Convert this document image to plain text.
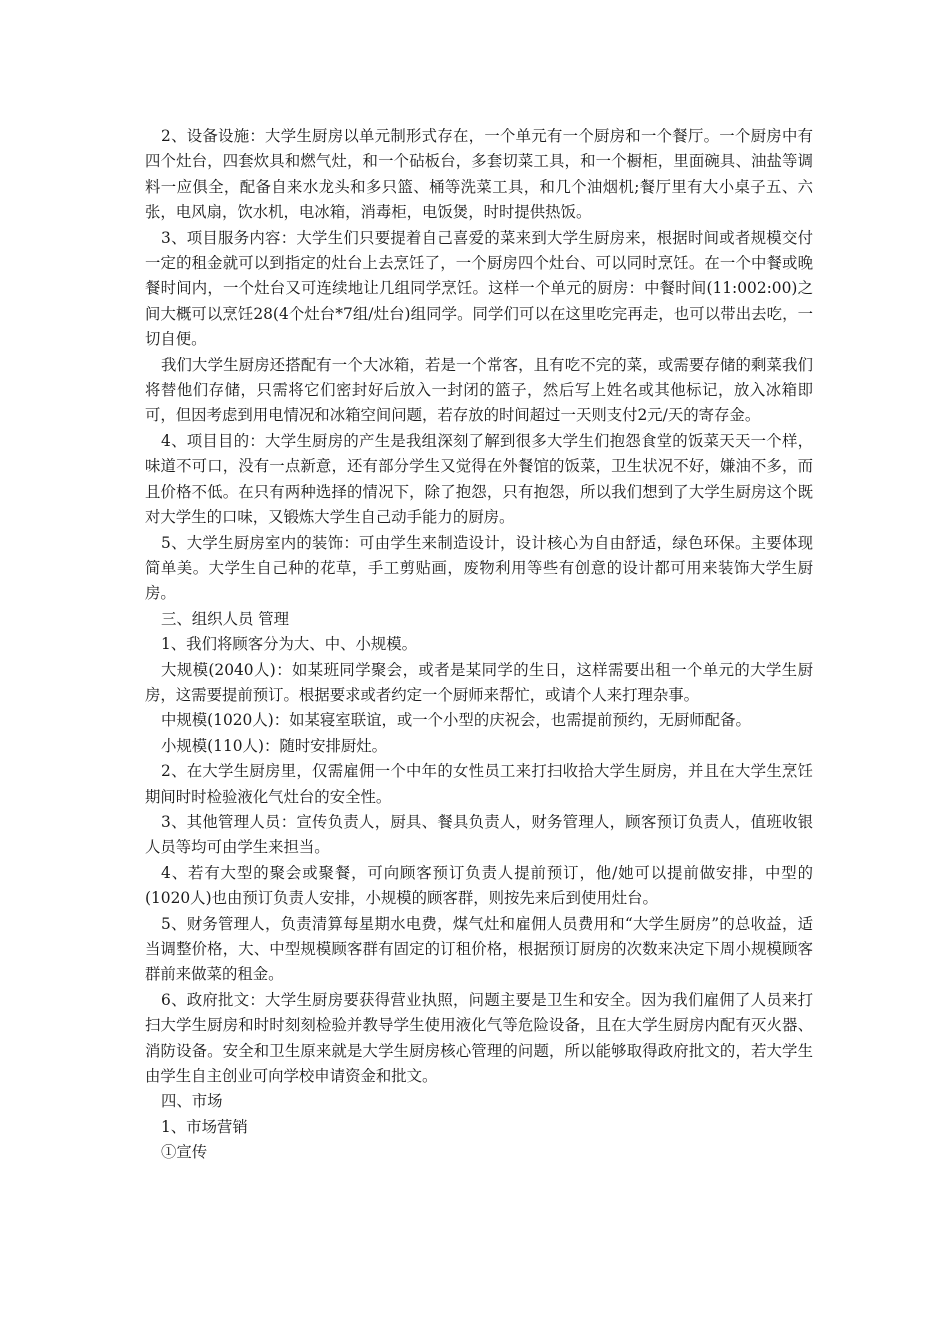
2、设备设施：大学生厨房以单元制形式存在，一个单元有一个厨房和一个餐厅。一个厨房中有四个灶台，四套炊具和燃气灶，和一个砧板台，多套切菜工具，和一个橱柜，里面碗具、油盐等调料一应俱全，配备自来水龙头和多只篮、桶等洗菜工具，和几个油烟机;餐厅里有大小桌子五、六张，电风扇，饮水机，电冰箱，消毒柜，电饭煲，时时提供热饭。

3、项目服务内容：大学生们只要提着自己喜爱的菜来到大学生厨房来，根据时间或者规模交付一定的租金就可以到指定的灶台上去烹饪了，一个厨房四个灶台、可以同时烹饪。在一个中餐或晚餐时间内，一个灶台又可连续地让几组同学烹饪。这样一个单元的厨房：中餐时间(11:002:00)之间大概可以烹饪28(4个灶台*7组/灶台)组同学。同学们可以在这里吃完再走，也可以带出去吃，一切自便。

我们大学生厨房还搭配有一个大冰箱，若是一个常客，且有吃不完的菜，或需要存储的剩菜我们将替他们存储，只需将它们密封好后放入一封闭的篮子，然后写上姓名或其他标记，放入冰箱即可，但因考虑到用电情况和冰箱空间问题，若存放的时间超过一天则支付2元/天的寄存金。

4、项目目的：大学生厨房的产生是我组深刻了解到很多大学生们抱怨食堂的饭菜天天一个样，味道不可口，没有一点新意，还有部分学生又觉得在外餐馆的饭菜，卫生状况不好，嫌油不多，而且价格不低。在只有两种选择的情况下，除了抱怨，只有抱怨，所以我们想到了大学生厨房这个既对大学生的口味，又锻炼大学生自己动手能力的厨房。

5、大学生厨房室内的装饰：可由学生来制造设计，设计核心为自由舒适，绿色环保。主要体现简单美。大学生自己种的花草，手工剪贴画，废物利用等些有创意的设计都可用来装饰大学生厨房。

三、组织人员 管理

1、我们将顾客分为大、中、小规模。

大规模(2040人)：如某班同学聚会，或者是某同学的生日，这样需要出租一个单元的大学生厨房，这需要提前预订。根据要求或者约定一个厨师来帮忙，或请个人来打理杂事。

中规模(1020人)：如某寝室联谊，或一个小型的庆祝会，也需提前预约，无厨师配备。

小规模(110人)：随时安排厨灶。

2、在大学生厨房里，仅需雇佣一个中年的女性员工来打扫收拾大学生厨房，并且在大学生烹饪期间时时检验液化气灶台的安全性。

3、其他管理人员：宣传负责人，厨具、餐具负责人，财务管理人，顾客预订负责人，值班收银人员等均可由学生来担当。

4、若有大型的聚会或聚餐，可向顾客预订负责人提前预订，他/她可以提前做安排，中型的(1020人)也由预订负责人安排，小规模的顾客群，则按先来后到使用灶台。

5、财务管理人，负责清算每星期水电费，煤气灶和雇佣人员费用和“大学生厨房”的总收益，适当调整价格，大、中型规模顾客群有固定的订租价格，根据预订厨房的次数来决定下周小规模顾客群前来做菜的租金。

6、政府批文：大学生厨房要获得营业执照，问题主要是卫生和安全。因为我们雇佣了人员来打扫大学生厨房和时时刻刻检验并教导学生使用液化气等危险设备，且在大学生厨房内配有灭火器、消防设备。安全和卫生原来就是大学生厨房核心管理的问题，所以能够取得政府批文的，若大学生由学生自主创业可向学校申请资金和批文。

四、市场

1、市场营销

①宣传
